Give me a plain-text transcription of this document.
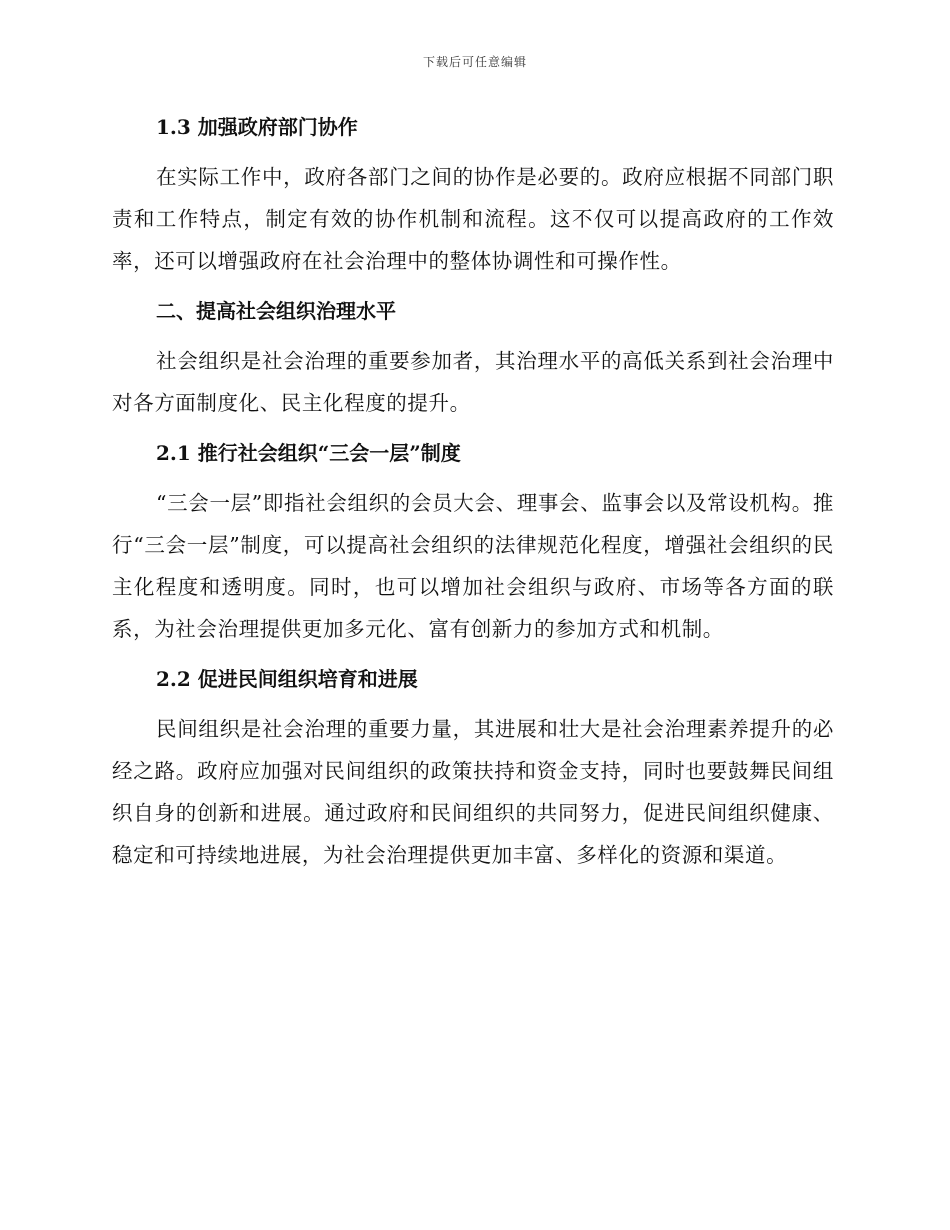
下载后可任意编辑
1.3 加强政府部门协作

在实际工作中，政府各部门之间的协作是必要的。政府应根据不同部门职责和工作特点，制定有效的协作机制和流程。这不仅可以提高政府的工作效率，还可以增强政府在社会治理中的整体协调性和可操作性。

二、提高社会组织治理水平

社会组织是社会治理的重要参加者，其治理水平的高低关系到社会治理中对各方面制度化、民主化程度的提升。

2.1 推行社会组织“三会一层”制度

“三会一层”即指社会组织的会员大会、理事会、监事会以及常设机构。推行“三会一层”制度，可以提高社会组织的法律规范化程度，增强社会组织的民主化程度和透明度。同时，也可以增加社会组织与政府、市场等各方面的联系，为社会治理提供更加多元化、富有创新力的参加方式和机制。

2.2 促进民间组织培育和进展

民间组织是社会治理的重要力量，其进展和壮大是社会治理素养提升的必经之路。政府应加强对民间组织的政策扶持和资金支持，同时也要鼓舞民间组织自身的创新和进展。通过政府和民间组织的共同努力，促进民间组织健康、稳定和可持续地进展，为社会治理提供更加丰富、多样化的资源和渠道。
